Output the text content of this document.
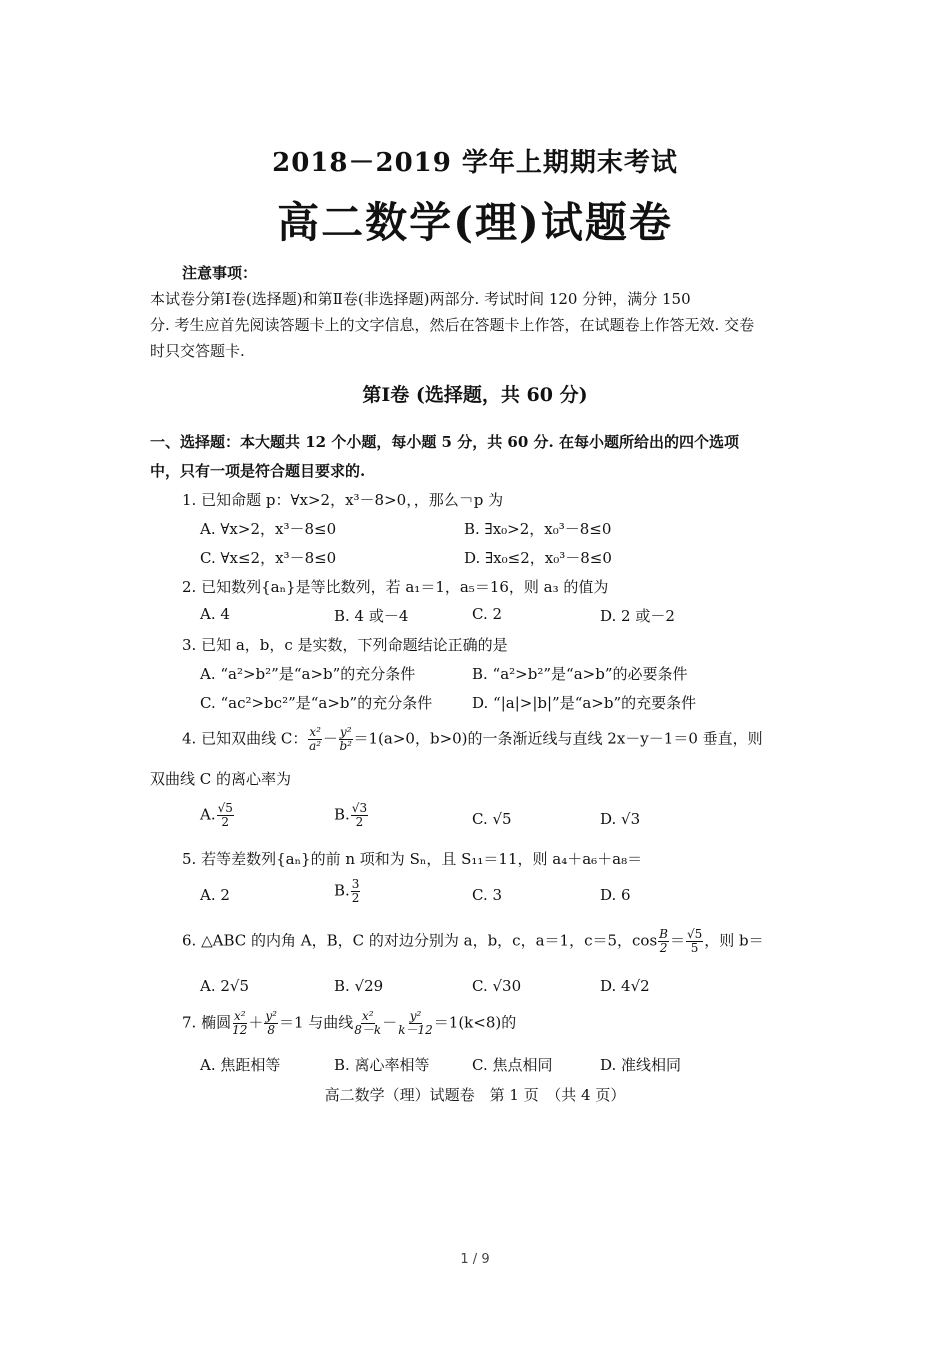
2018－2019 学年上期期末考试
高二数学(理)试题卷
注意事项：
本试卷分第Ⅰ卷(选择题)和第Ⅱ卷(非选择题)两部分. 考试时间 120 分钟，满分 150
分. 考生应首先阅读答题卡上的文字信息，然后在答题卡上作答，在试题卷上作答无效. 交卷
时只交答题卡.
第Ⅰ卷 (选择题，共 60 分)
一、选择题：本大题共 12 个小题，每小题 5 分，共 60 分. 在每小题所给出的四个选项
中，只有一项是符合题目要求的.
1. 已知命题 p：∀x>2，x³－8>0，，那么￢p 为
A. ∀x>2，x³－8≤0	B. ∃x₀>2，x₀³－8≤0
C. ∀x≤2，x³－8≤0	D. ∃x₀≤2，x₀³－8≤0
2. 已知数列{aₙ}是等比数列，若 a₁＝1，a₅＝16，则 a₃ 的值为
A. 4	B. 4 或－4	C. 2	D. 2 或－2
3. 已知 a，b，c 是实数，下列命题结论正确的是
A. “a²>b²”是“a>b”的充分条件	B. “a²>b²”是“a>b”的必要条件
C. “ac²>bc²”是“a>b”的充分条件	D. “|a|>|b|”是“a>b”的充要条件
4. 已知双曲线 C： $\frac{\text{x²}}{\text{a²}} - \frac{\text{y²}}{\text{b²}} =1(a>0$，b>0)的一条渐近线与直线 2x－y－1＝0 垂直，则
双曲线 C 的离心率为
A. $\frac{√5}{2}$	B. $\frac{√3}{2}$	C. √5	D. √3
5. 若等差数列{aₙ}的前 n 项和为 Sₙ，且 S₁₁＝11，则 a₄＋a₆＋a₈＝
A. 2	B. $\frac{3}{2}$	C. 3	D. 6
6. △ABC 的内角 A，B，C 的对边分别为 a，b，c，a＝1，c＝5，$\cos \frac{B}{2} = \frac{√5}{5}$ ，则 b＝
A. 2√5	B. √29	C. √30	D. 4√2
7. 椭圆 $\frac{\text{x²}}{12} + \frac{\text{y²}}{8} =1$ 与曲线 $\frac{\text{x²}}{8-k} - \frac{\text{y²}}{k-12} =1(k<8)$的
A. 焦距相等	B. 离心率相等	C. 焦点相同	D. 准线相同
高二数学（理）试题卷　第 1 页　（共 4 页）
1 / 9
